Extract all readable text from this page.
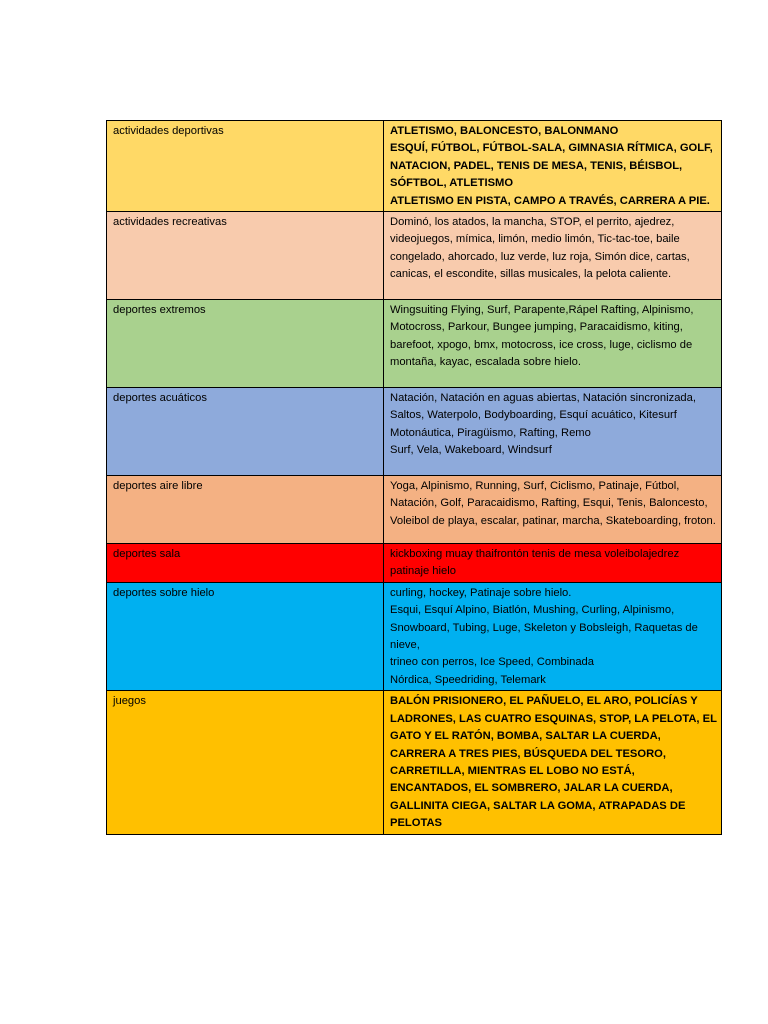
actividades deportivas	ATLETISMO, BALONCESTO, BALONMANO
ESQUÍ, FÚTBOL, FÚTBOL-SALA, GIMNASIA RÍTMICA, GOLF, NATACION, PADEL, TENIS DE MESA, TENIS, BÉISBOL, SÓFTBOL, ATLETISMO
ATLETISMO EN PISTA, CAMPO A TRAVÉS, CARRERA A PIE.

actividades recreativas	Dominó, los atados, la mancha, STOP, el perrito, ajedrez, videojuegos, mímica, limón, medio limón, Tic-tac-toe, baile congelado, ahorcado, luz verde, luz roja, Simón dice, cartas, canicas, el escondite, sillas musicales, la pelota caliente.

deportes extremos	Wingsuiting Flying, Surf, Parapente,Rápel Rafting, Alpinismo, Motocross, Parkour, Bungee jumping, Paracaidismo, kiting, barefoot, xpogo, bmx, motocross, ice cross, luge, ciclismo de montaña, kayac, escalada sobre hielo.

deportes acuáticos	Natación, Natación en aguas abiertas, Natación sincronizada, Saltos, Waterpolo, Bodyboarding, Esquí acuático, Kitesurf
Motonáutica, Piragüismo, Rafting, Remo
Surf, Vela, Wakeboard, Windsurf

deportes aire libre	Yoga, Alpinismo, Running, Surf, Ciclismo, Patinaje, Fútbol, Natación, Golf, Paracaidismo, Rafting, Esqui, Tenis, Baloncesto, Voleibol de playa, escalar, patinar, marcha, Skateboarding, froton.

deportes sala	kickboxing muay thaifrontón tenis de mesa voleibolajedrez patinaje hielo

deportes sobre hielo	curling, hockey, Patinaje sobre hielo.
Esqui, Esquí Alpino, Biatlón, Mushing, Curling, Alpinismo, Snowboard, Tubing, Luge, Skeleton y Bobsleigh, Raquetas de nieve,
trineo con perros, Ice Speed, Combinada
Nórdica, Speedriding, Telemark

juegos	BALÓN PRISIONERO, EL PAÑUELO, EL ARO, POLICÍAS Y LADRONES, LAS CUATRO ESQUINAS, STOP, LA PELOTA, EL GATO Y EL RATÓN, BOMBA, SALTAR LA CUERDA, CARRERA A TRES PIES, BÚSQUEDA DEL TESORO, CARRETILLA, MIENTRAS EL LOBO NO ESTÁ, ENCANTADOS, EL SOMBRERO, JALAR LA CUERDA, GALLINITA CIEGA, SALTAR LA GOMA, ATRAPADAS DE PELOTAS
